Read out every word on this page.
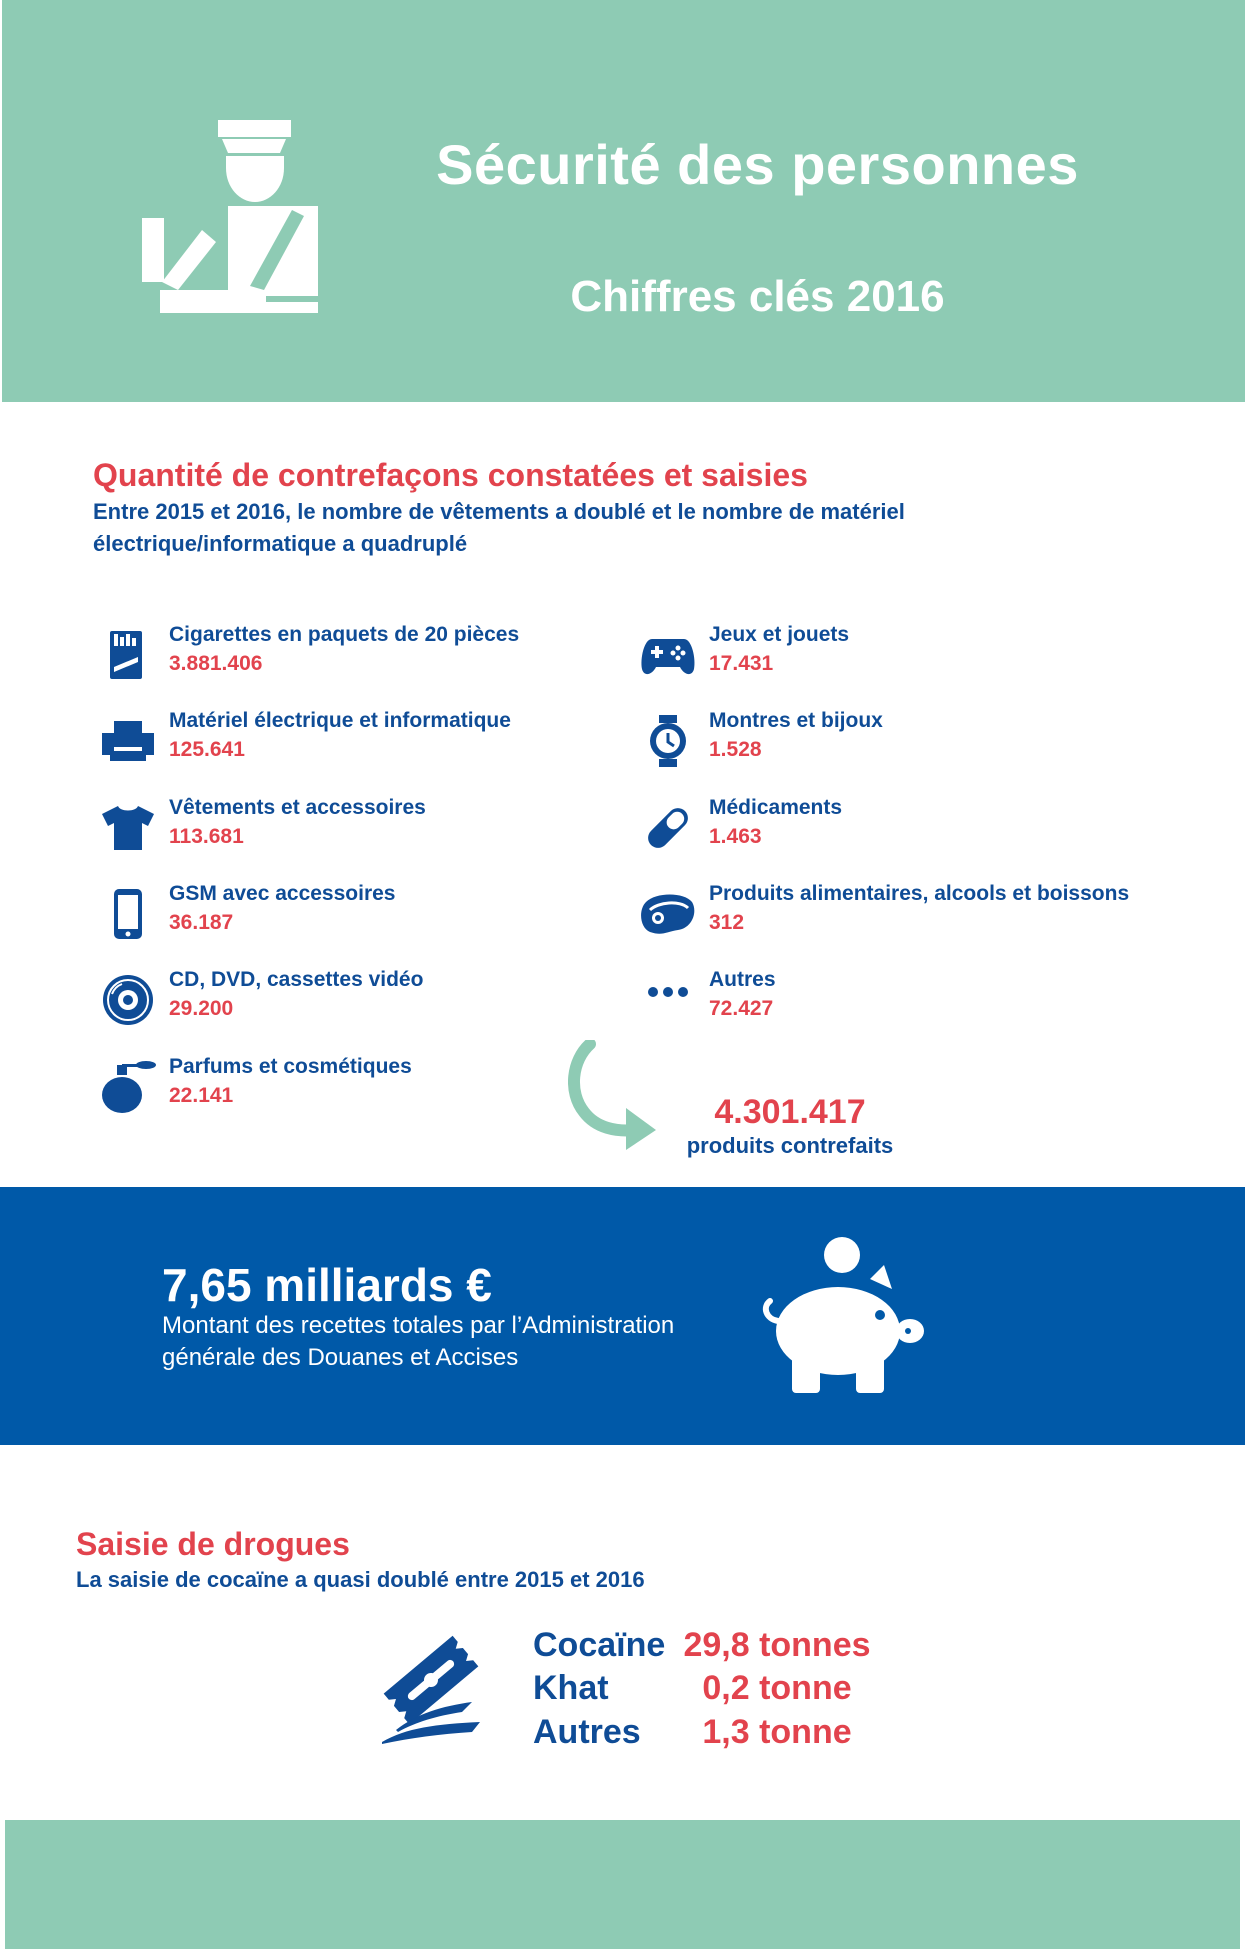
Sécurité des personnes
Chiffres clés 2016
Quantité de contrefaçons constatées et saisies
Entre 2015 et 2016, le nombre de vêtements a doublé et le nombre de matériel électrique/informatique a quadruplé
Cigarettes en paquets de 20 pièces
3.881.406
Matériel électrique et informatique
125.641
Vêtements et accessoires
113.681
GSM avec accessoires
36.187
CD, DVD, cassettes vidéo
29.200
Parfums et cosmétiques
22.141
Jeux et jouets
17.431
Montres et bijoux
1.528
Médicaments
1.463
Produits alimentaires, alcools et boissons
312
Autres
72.427
4.301.417
produits contrefaits
7,65 milliards €
Montant des recettes totales par l’Administration générale des Douanes et Accises
Saisie de drogues
La saisie de cocaïne a quasi doublé entre 2015 et 2016
Cocaïne 29,8 tonnes
Khat	0,2 tonne
Autres	1,3 tonne
